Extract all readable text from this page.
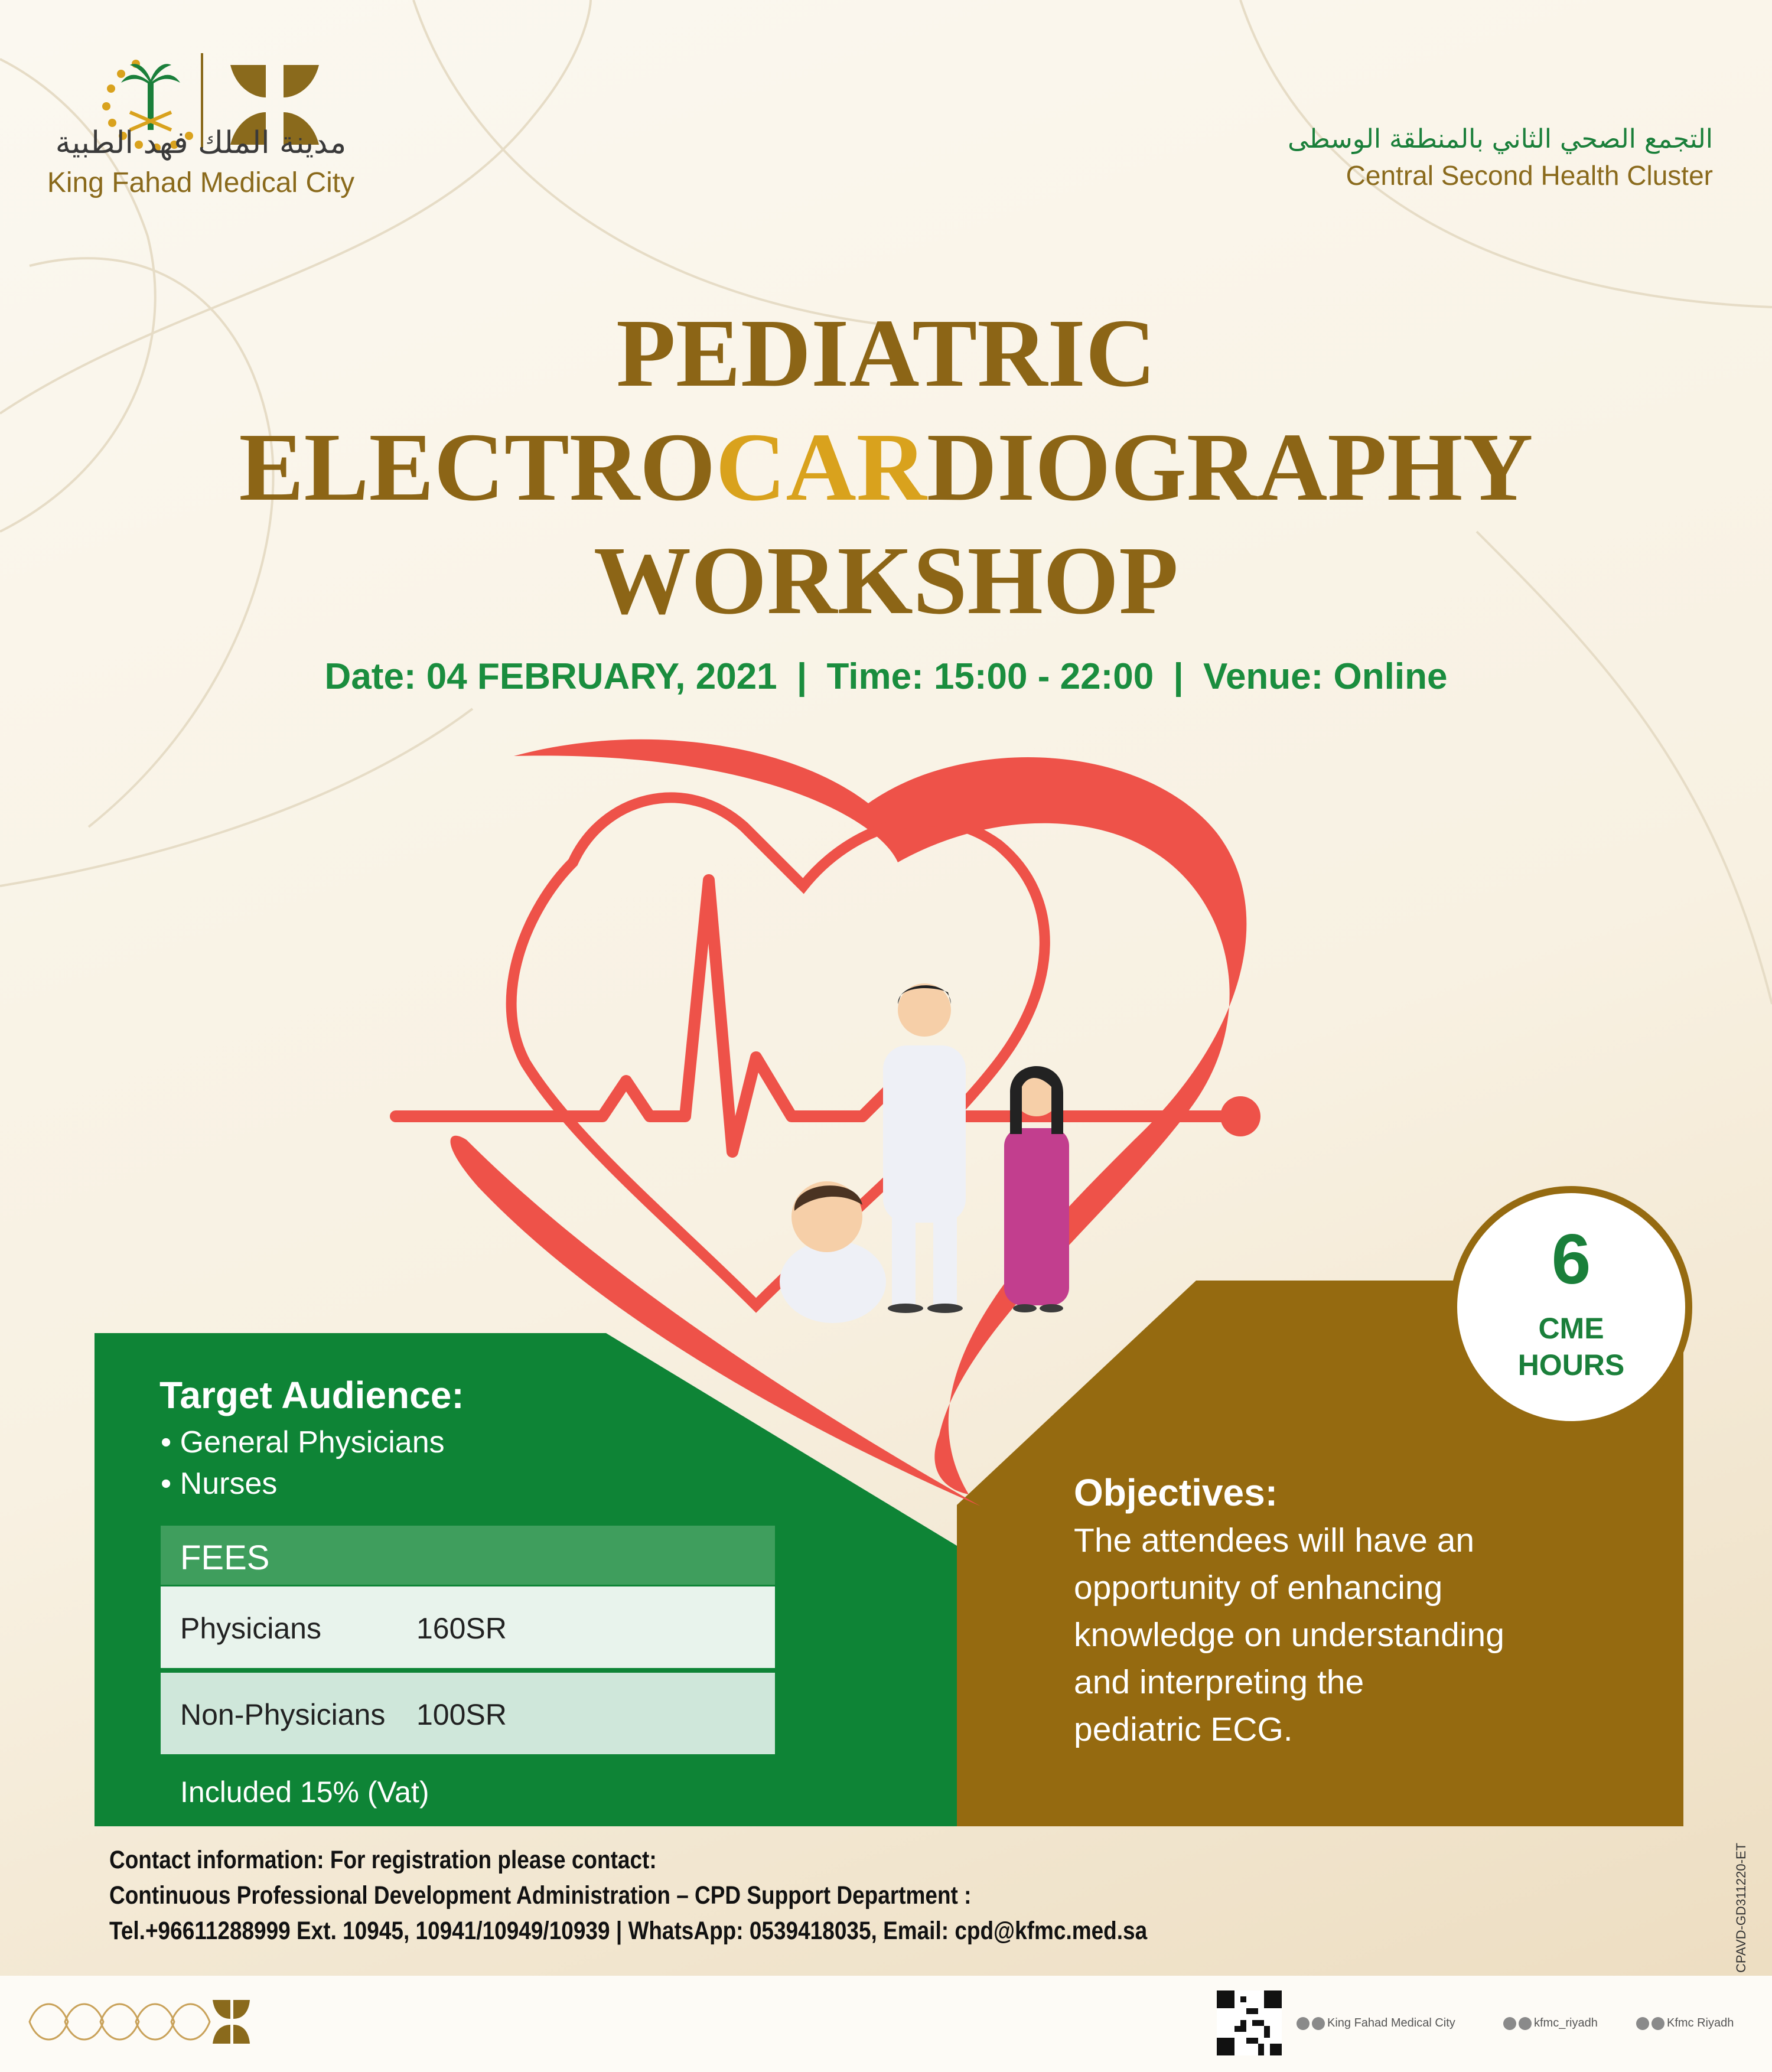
مدينة الملك فهد الطبية
King Fahad Medical City
التجمع الصحي الثاني بالمنطقة الوسطى
Central Second Health Cluster
PEDIATRIC
ELECTROCARDIOGRAPHY
WORKSHOP
Date: 04 FEBRUARY, 2021 | Time: 15:00 - 22:00 | Venue: Online
Target Audience:
• General Physicians
• Nurses
FEES
Physicians	160SR
Non-Physicians 100SR
Included 15% (Vat)
6
CME
HOURS
Objectives:
The attendees will have an
opportunity of enhancing
knowledge on understanding
and interpreting the
pediatric ECG.
Contact information: For registration please contact:
Continuous Professional Development Administration – CPD Support Department :
Tel.+96611288999 Ext. 10945, 10941/10949/10939 | WhatsApp: 0539418035, Email: cpd@kfmc.med.sa	CPAVD-GD311220-ET
King Fahad Medical City	kfmc_riyadh	Kfmc Riyadh
